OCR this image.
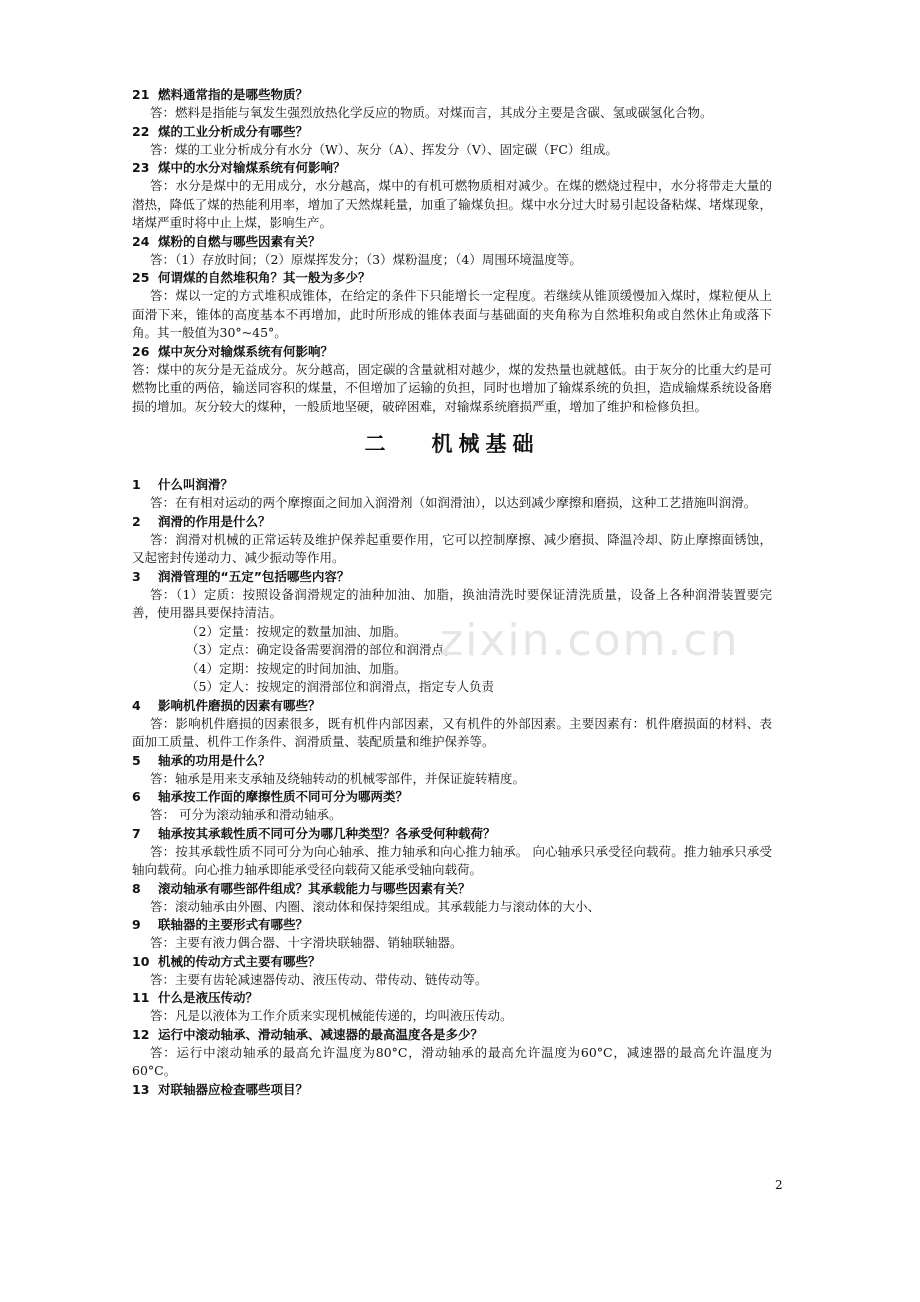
21 燃料通常指的是哪些物质？

答：燃料是指能与氧发生强烈放热化学反应的物质。对煤而言，其成分主要是含碳、氢或碳氢化合物。

22 煤的工业分析成分有哪些？

答：煤的工业分析成分有水分（W）、灰分（A）、挥发分（V）、固定碳（FC）组成。

23 煤中的水分对输煤系统有何影响？

答：水分是煤中的无用成分，水分越高，煤中的有机可燃物质相对减少。在煤的燃烧过程中，水分将带走大量的潜热，降低了煤的热能利用率，增加了天然煤耗量，加重了输煤负担。煤中水分过大时易引起设备粘煤、堵煤现象，堵煤严重时将中止上煤，影响生产。

24 煤粉的自燃与哪些因素有关？

答：（1）存放时间；（2）原煤挥发分；（3）煤粉温度；（4）周围环境温度等。

25 何谓煤的自然堆积角？其一般为多少？

答：煤以一定的方式堆积成锥体，在给定的条件下只能增长一定程度。若继续从锥顶缓慢加入煤时，煤粒便从上面滑下来，锥体的高度基本不再增加，此时所形成的锥体表面与基础面的夹角称为自然堆积角或自然休止角或落下角。其一般值为30°~45°。

26 煤中灰分对输煤系统有何影响？

答：煤中的灰分是无益成分。灰分越高，固定碳的含量就相对越少，煤的发热量也就越低。由于灰分的比重大约是可燃物比重的两倍，输送同容积的煤量，不但增加了运输的负担，同时也增加了输煤系统的负担，造成输煤系统设备磨损的增加。灰分较大的煤种，一般质地坚硬，破碎困难，对输煤系统磨损严重，增加了维护和检修负担。

二 机械基础
1 什么叫润滑？

答：在有相对运动的两个摩擦面之间加入润滑剂（如润滑油），以达到减少摩擦和磨损，这种工艺措施叫润滑。

2 润滑的作用是什么？

答：润滑对机械的正常运转及维护保养起重要作用，它可以控制摩擦、减少磨损、降温冷却、防止摩擦面锈蚀，又起密封传递动力、减少振动等作用。

3 润滑管理的“五定”包括哪些内容？

答：（1）定质：按照设备润滑规定的油种加油、加脂，换油清洗时要保证清洗质量，设备上各种润滑装置要完善，使用器具要保持清洁。

（2）定量：按规定的数量加油、加脂。
（3）定点：确定设备需要润滑的部位和润滑点。
（4）定期：按规定的时间加油、加脂。
（5）定人：按规定的润滑部位和润滑点，指定专人负责
4 影响机件磨损的因素有哪些？

答：影响机件磨损的因素很多，既有机件内部因素，又有机件的外部因素。主要因素有：机件磨损面的材料、表面加工质量、机件工作条件、润滑质量、装配质量和维护保养等。

5 轴承的功用是什么？

答：轴承是用来支承轴及绕轴转动的机械零部件，并保证旋转精度。

6 轴承按工作面的摩擦性质不同可分为哪两类？

答： 可分为滚动轴承和滑动轴承。

7 轴承按其承载性质不同可分为哪几种类型？各承受何种载荷？

答：按其承载性质不同可分为向心轴承、推力轴承和向心推力轴承。 向心轴承只承受径向载荷。推力轴承只承受轴向载荷。向心推力轴承即能承受径向载荷又能承受轴向载荷。

8 滚动轴承有哪些部件组成？其承载能力与哪些因素有关？

答：滚动轴承由外圈、内圈、滚动体和保持架组成。其承载能力与滚动体的大小、

9 联轴器的主要形式有哪些？

答：主要有液力偶合器、十字滑块联轴器、销轴联轴器。

10 机械的传动方式主要有哪些？

答：主要有齿轮减速器传动、液压传动、带传动、链传动等。

11 什么是液压传动？

答：凡是以液体为工作介质来实现机械能传递的，均叫液压传动。

12 运行中滚动轴承、滑动轴承、减速器的最高温度各是多少？

答：运行中滚动轴承的最高允许温度为80°C，滑动轴承的最高允许温度为60°C，减速器的最高允许温度为60°C。

13 对联轴器应检查哪些项目？
zixin.com.cn
2
